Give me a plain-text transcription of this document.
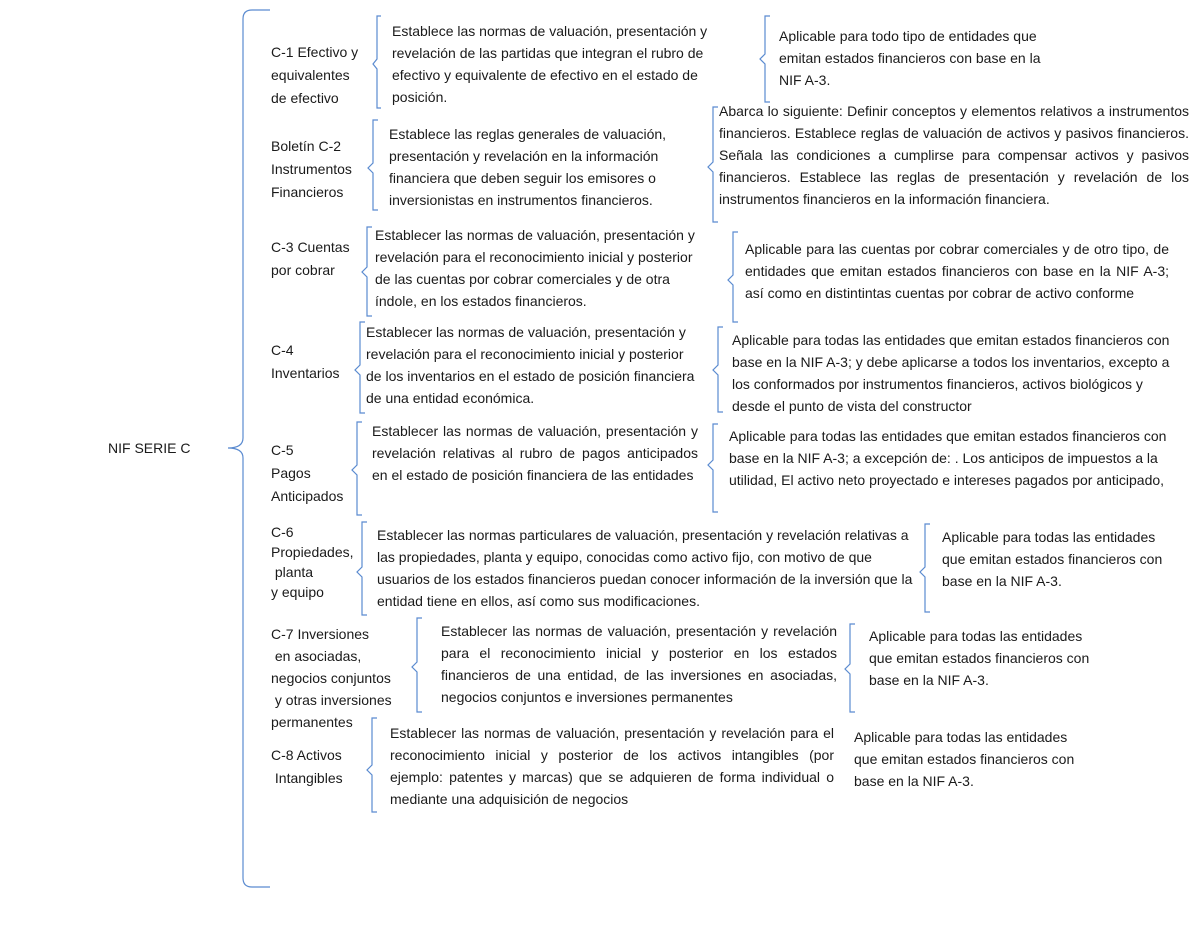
NIF SERIE C
C-1 Efectivo y
equivalentes
de efectivo
Boletín C-2
Instrumentos
Financieros
C-3 Cuentas
por cobrar
C-4
Inventarios
C-5
Pagos
Anticipados
C-6
Propiedades,
planta
y equipo
C-7 Inversiones
en asociadas,
negocios conjuntos
y otras inversiones
permanentes
C-8 Activos
Intangibles

Establece las normas de valuación, presentación y revelación de las partidas que integran el rubro de efectivo y equivalente de efectivo en el estado de posición.

Establece las reglas generales de valuación, presentación y revelación en la información financiera que deben seguir los emisores o inversionistas en instrumentos financieros.

Establecer las normas de valuación, presentación y revelación para el reconocimiento inicial y posterior de las cuentas por cobrar comerciales y de otra índole, en los estados financieros.

Establecer las normas de valuación, presentación y revelación para el reconocimiento inicial y posterior de los inventarios en el estado de posición financiera de una entidad económica.

Establecer las normas de valuación, presentación y revelación relativas al rubro de pagos anticipados en el estado de posición financiera de las entidades

Establecer las normas particulares de valuación, presentación y revelación relativas a las propiedades, planta y equipo, conocidas como activo fijo, con motivo de que usuarios de los estados financieros puedan conocer información de la inversión que la entidad tiene en ellos, así como sus modificaciones.

Establecer las normas de valuación, presentación y revelación para el reconocimiento inicial y posterior en los estados financieros de una entidad, de las inversiones en asociadas, negocios conjuntos e inversiones permanentes

Establecer las normas de valuación, presentación y revelación para el reconocimiento inicial y posterior de los activos intangibles (por ejemplo: patentes y marcas) que se adquieren de forma individual o mediante una adquisición de negocios

Aplicable para todo tipo de entidades que emitan estados financieros con base en la NIF A-3.

Abarca lo siguiente: Definir conceptos y elementos relativos a instrumentos financieros. Establece reglas de valuación de activos y pasivos financieros. Señala las condiciones a cumplirse para compensar activos y pasivos financieros. Establece las reglas de presentación y revelación de los instrumentos financieros en la información financiera.

Aplicable para las cuentas por cobrar comerciales y de otro tipo, de entidades que emitan estados financieros con base en la NIF A-3; así como en distintintas cuentas por cobrar de activo conforme

Aplicable para todas las entidades que emitan estados financieros con base en la NIF A-3; y debe aplicarse a todos los inventarios, excepto a los conformados por instrumentos financieros, activos biológicos y desde el punto de vista del constructor

Aplicable para todas las entidades que emitan estados financieros con base en la NIF A-3; a excepción de: . Los anticipos de impuestos a la utilidad, El activo neto proyectado e intereses pagados por anticipado,

Aplicable para todas las entidades que emitan estados financieros con base en la NIF A-3.

Aplicable para todas las entidades que emitan estados financieros con base en la NIF A-3.

Aplicable para todas las entidades que emitan estados financieros con base en la NIF A-3.
